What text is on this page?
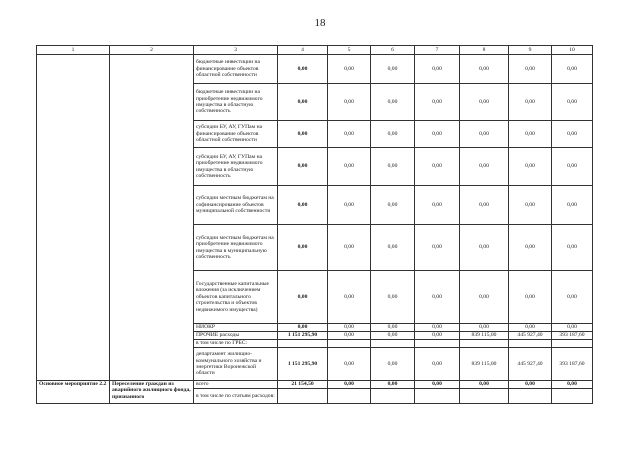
18
1	2	3	4	5	6	7	8	9	10
		бюджетные инвестиции на финансирование объектов областной собственности	0,00	0,00	0,00	0,00	0,00	0,00	0,00
		бюджетные инвестиции на приобретение недвижимого имущества в областную собственность	0,00	0,00	0,00	0,00	0,00	0,00	0,00
		субсидии БУ, АУ, ГУПам на финансирование объектов областной собственности	0,00	0,00	0,00	0,00	0,00	0,00	0,00
		субсидии БУ, АУ, ГУПам на приобретение недвижимого имущества в областную собственность	0,00	0,00	0,00	0,00	0,00	0,00	0,00
		субсидии местным бюджетам на софинансирование объектов муниципальной собственности	0,00	0,00	0,00	0,00	0,00	0,00	0,00
		субсидии местным бюджетам на приобретение недвижимого имущества в муниципальную собственность	0,00	0,00	0,00	0,00	0,00	0,00	0,00
		Государственные капитальные вложения (за исключением объектов капитального строительства и объектов недвижимого имущества)	0,00	0,00	0,00	0,00	0,00	0,00	0,00
		НИОКР	0,00	0,00	0,00	0,00	0,00	0,00	0,00
		ПРОЧИЕ расходы	1 151 295,90	0,00	0,00	0,00	839 115,00	445 927,40	393 187,60
		в том числе по ГРБС:							
		департамент жилищно-коммунального хозяйства и энергетики Воронежской области	1 151 295,90	0,00	0,00	0,00	839 115,00	445 927,40	393 187,60
Основное мероприятие 2.2	Переселение граждан из аварийного жилищного фонда, признанного	всего	21 154,50	0,00	0,00	0,00	0,00	0,00	0,00
		в том числе по статьям расходов:							
